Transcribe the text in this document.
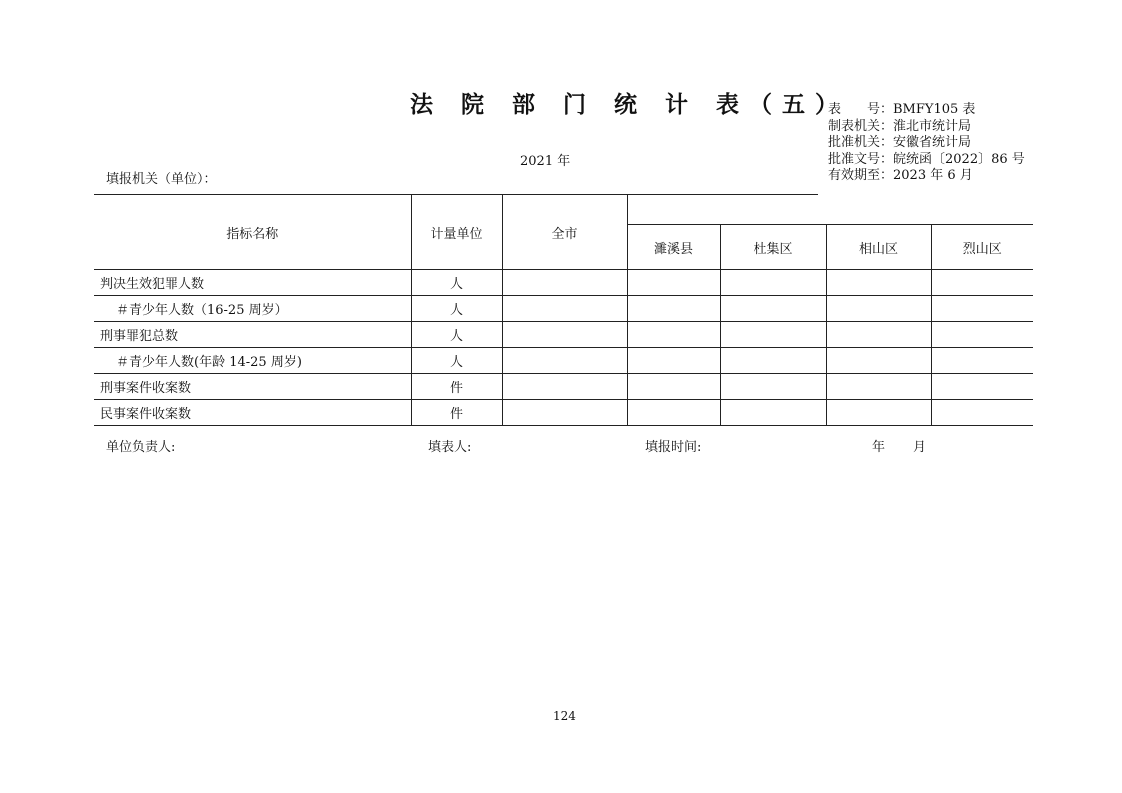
法 院 部 门 统 计 表（五）
表　　号：BMFY105 表
制表机关：淮北市统计局
批准机关：安徽省统计局
批准文号：皖统函〔2022〕86 号
有效期至：2023 年 6 月
2021 年
填报机关（单位）：
指标名称	计量单位	全市				
			濉溪县	杜集区	相山区	烈山区
判决生效犯罪人数	人					
＃青少年人数（16-25 周岁）	人					
刑事罪犯总数	人					
＃青少年人数(年龄 14-25 周岁)	人					
刑事案件收案数	件					
民事案件收案数	件					
单位负责人:	填表人:	填报时间:	年 月
124
